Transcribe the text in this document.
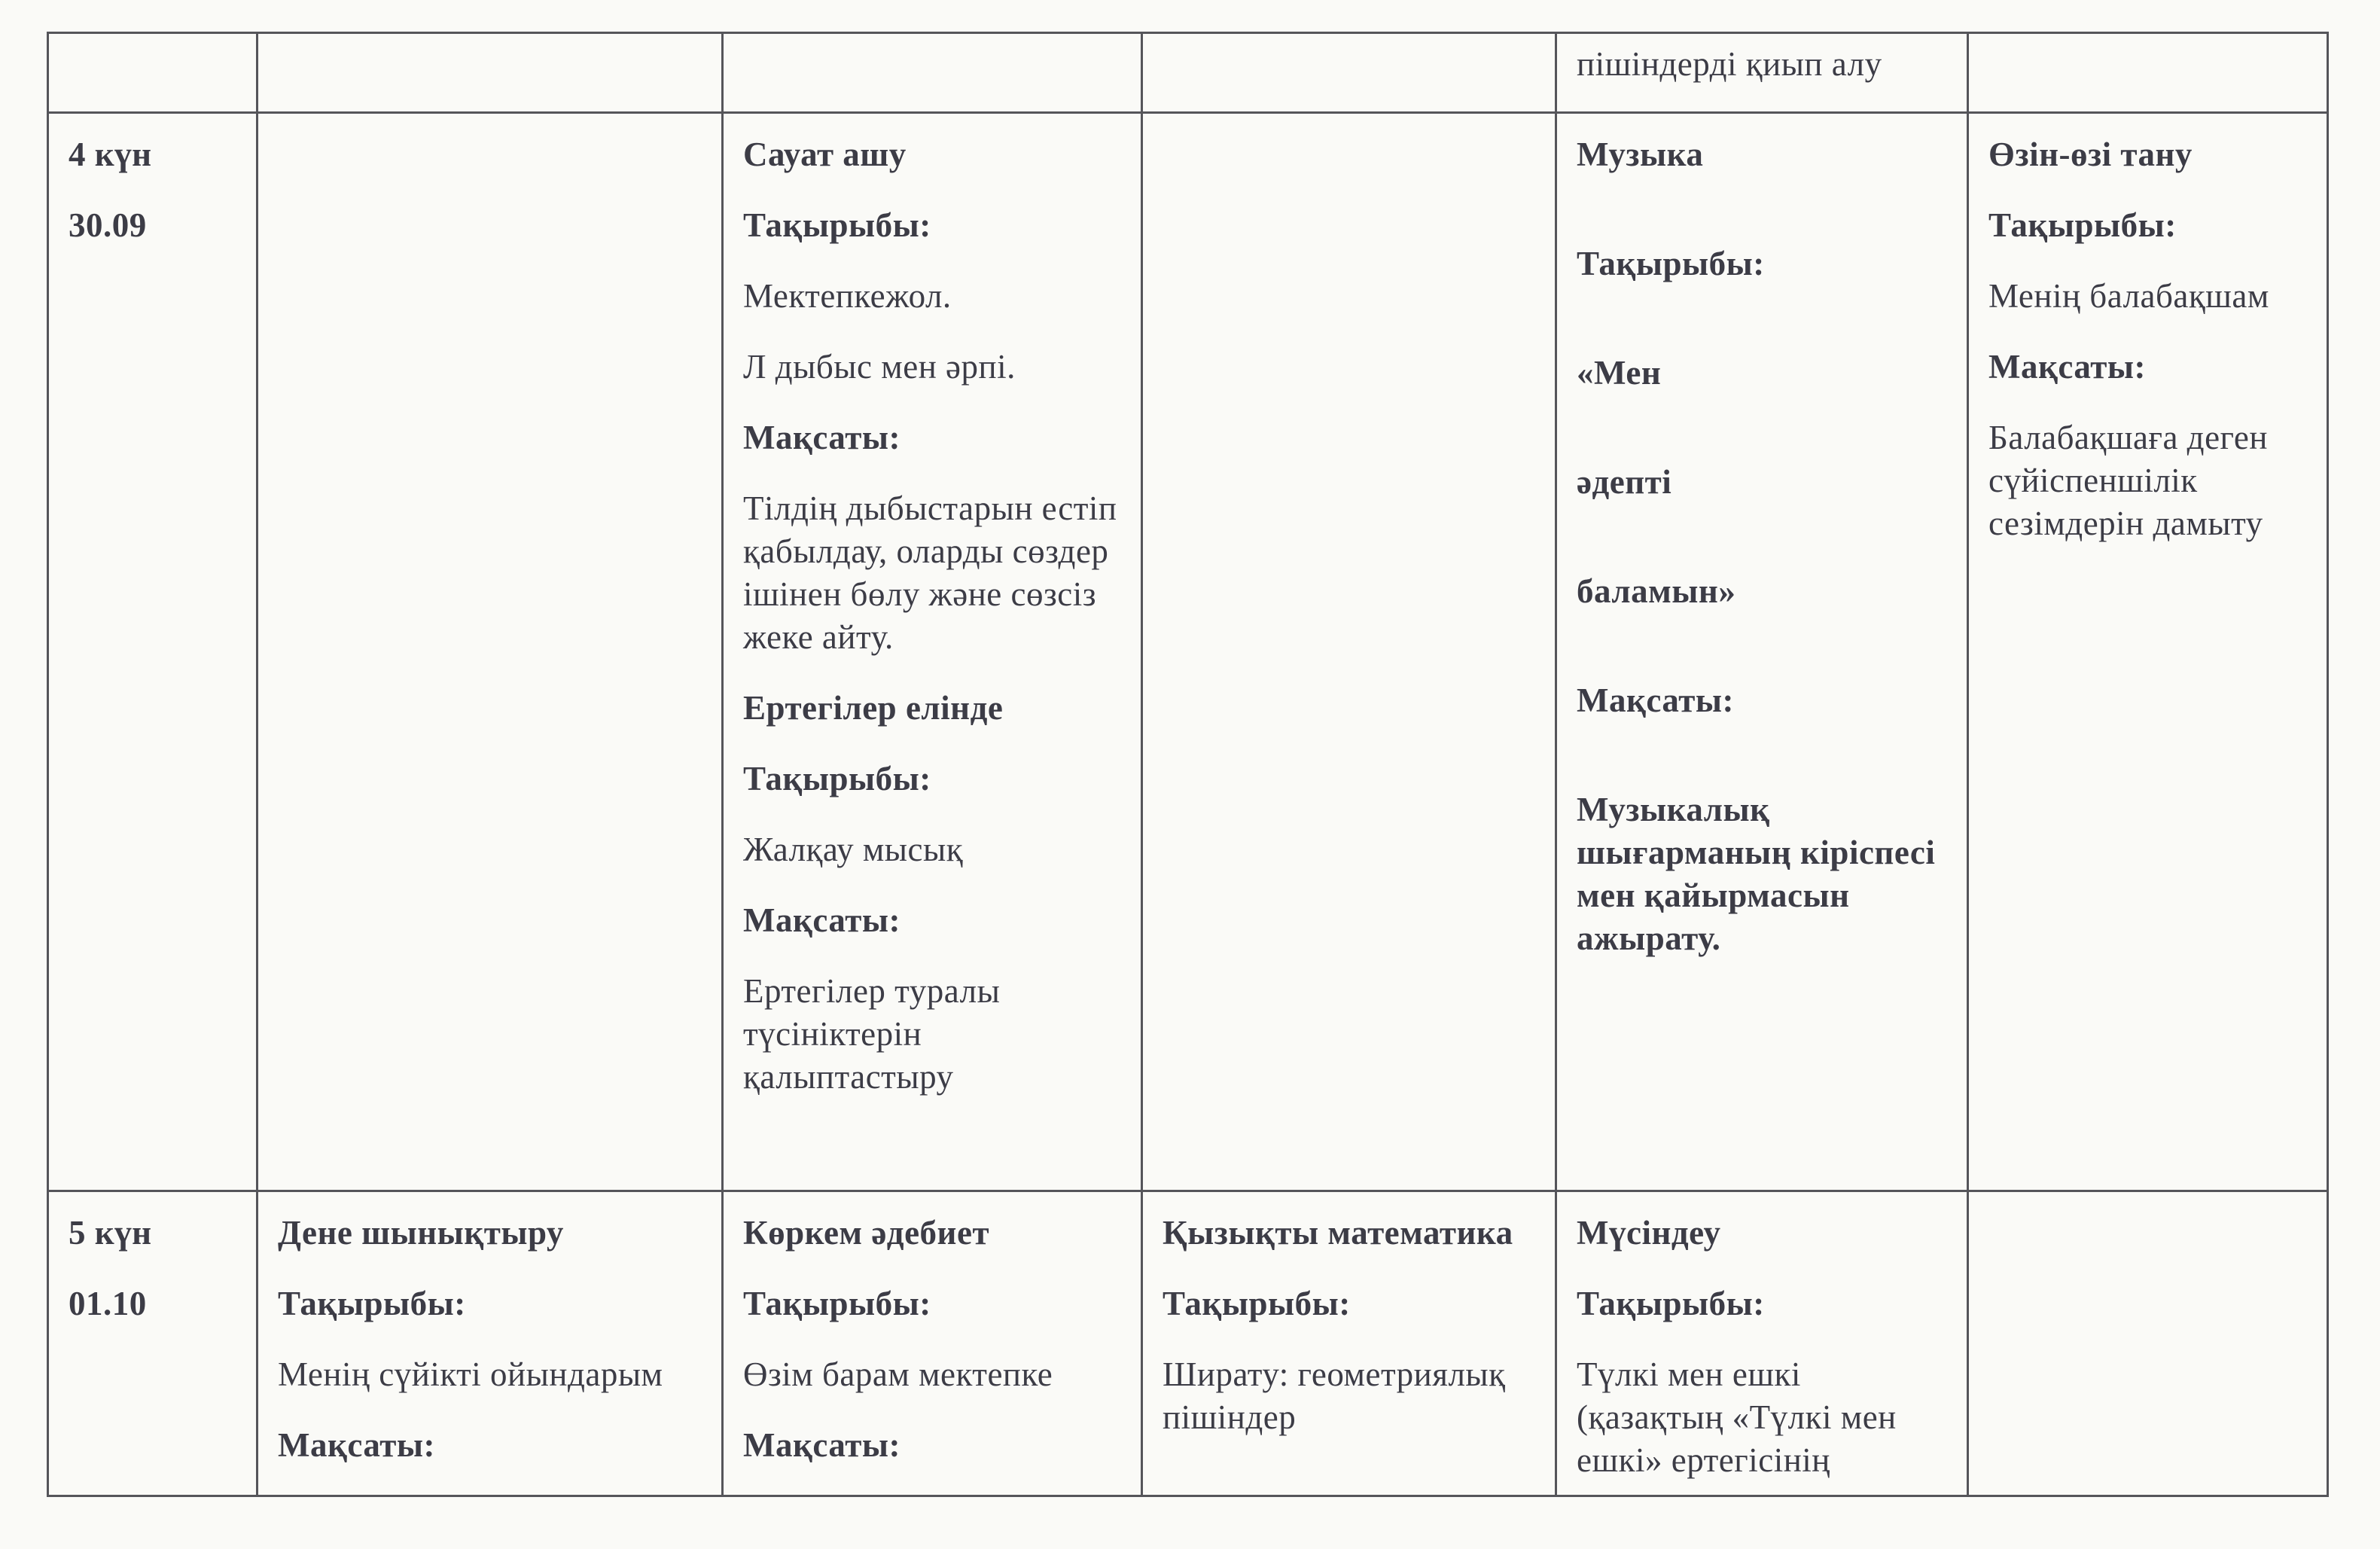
пішіндерді қиып алу

4 күн

30.09

Сауат ашу

Тақырыбы:

Мектепкежол.

Л дыбыс мен әрпі.

Мақсаты:

Тілдің дыбыстарын естіп қабылдау, оларды сөздер ішінен бөлу және сөзсіз жеке айту.

Ертегілер елінде

Тақырыбы:

Жалқау мысық

Мақсаты:

Ертегілер туралы түсініктерін қалыптастыру

Музыка

Тақырыбы:

«Мен

әдепті

баламын»

Мақсаты:

Музыкалық шығарманың кіріспесі мен қайырмасын ажырату.

Өзін-өзі тану

Тақырыбы:

Менің балабақшам

Мақсаты:

Балабақшаға деген сүйіспеншілік сезімдерін дамыту

5 күн

01.10

Дене шынықтыру

Тақырыбы:

Менің сүйікті ойындарым

Мақсаты:

Көркем әдебиет

Тақырыбы:

Өзім барам мектепке

Мақсаты:

Қызықты математика

Тақырыбы:

Ширату: геометриялық пішіндер

Мүсіндеу

Тақырыбы:

Түлкі мен ешкі (қазақтың «Түлкі мен ешкі» ертегісінің
